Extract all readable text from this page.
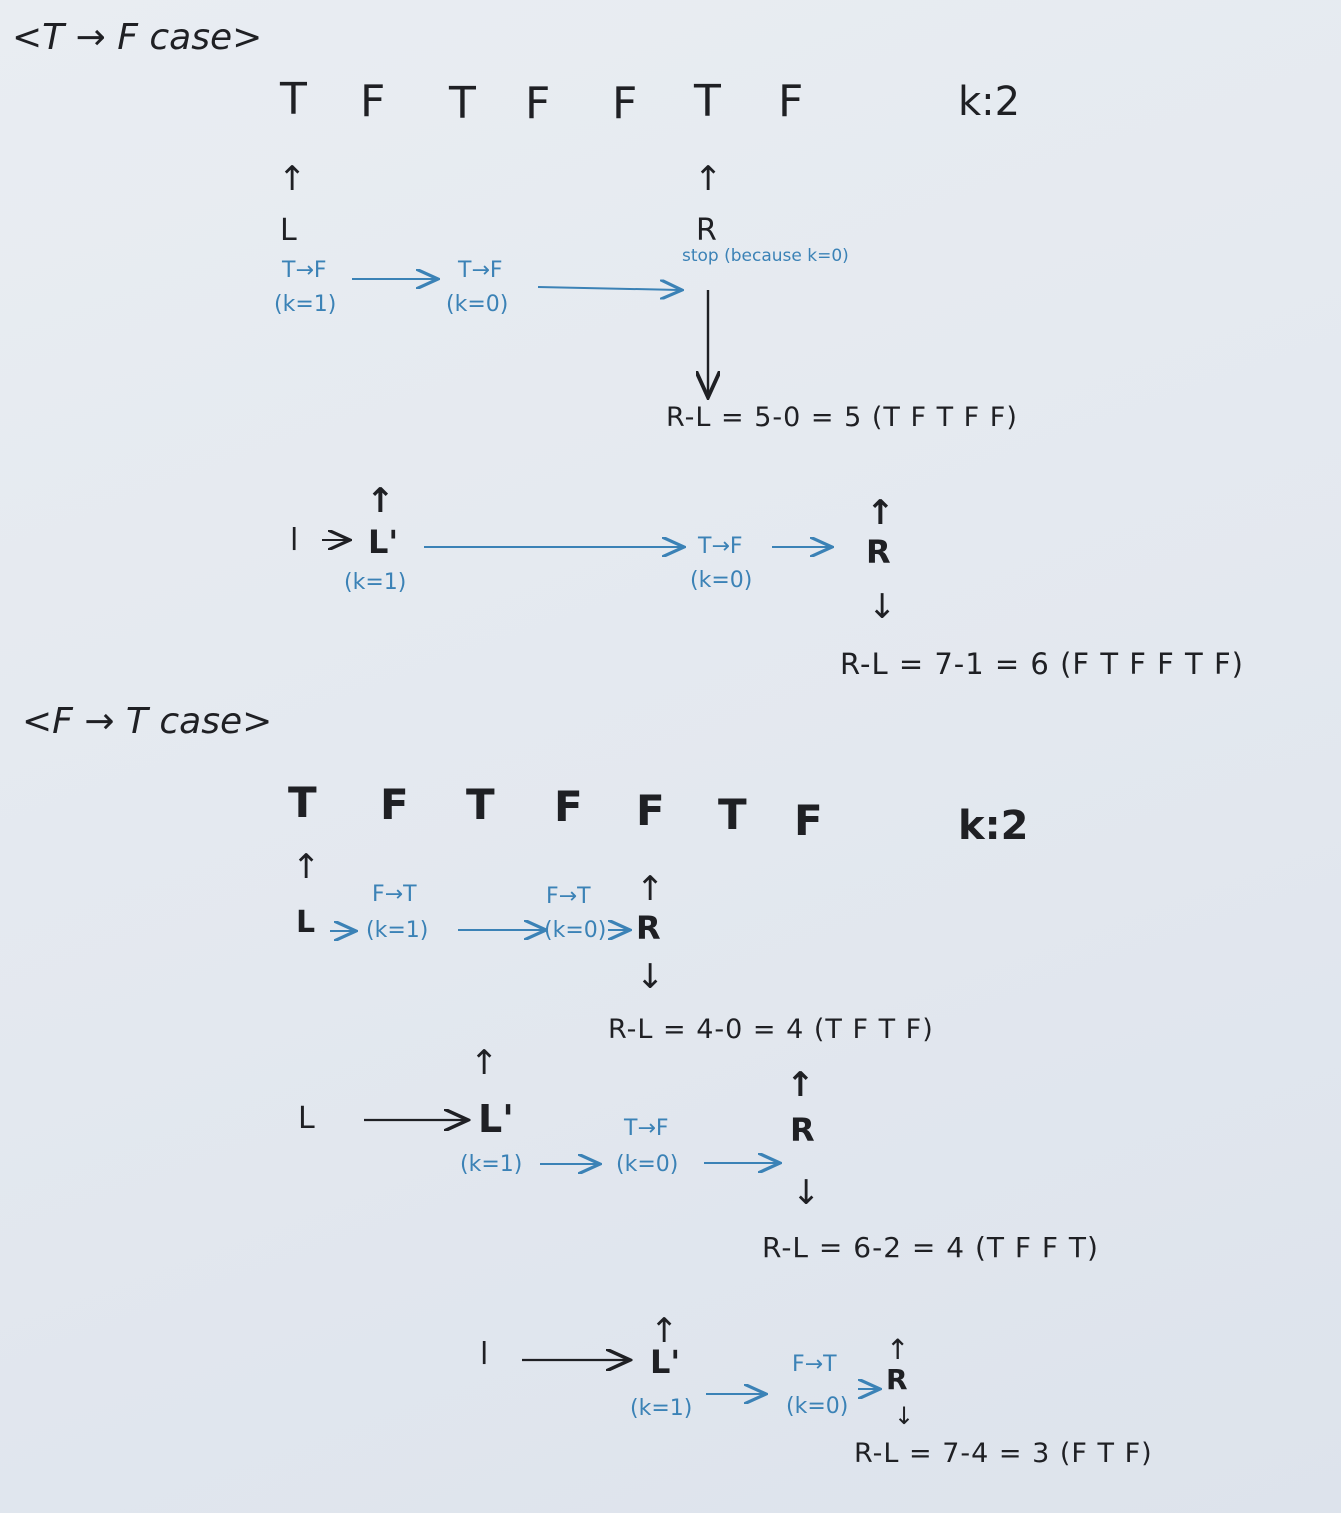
<T → F case>
T F T F F T F	k:2
↑
L
↑
R
T→F
(k=1)
T→F
(k=0)
stop (because k=0)
R-L = 5-0 = 5 (T F T F F)
l
↑
L'
(k=1)
T→F
(k=0)
↑
R
↓
R-L = 7-1 = 6 (F T F F T F)
<F → T case>
T F T F F T F	k:2
↑
L
F→T
(k=1)
F→T
(k=0)
↑
R
↓
R-L = 4-0 = 4 (T F T F)
L
↑
L'
(k=1)
T→F
(k=0)
↑
R
↓
R-L = 6-2 = 4 (T F F T)
l
↑
L'
(k=1)
F→T
(k=0)
↑
R
↓
R-L = 7-4 = 3 (F T F)
